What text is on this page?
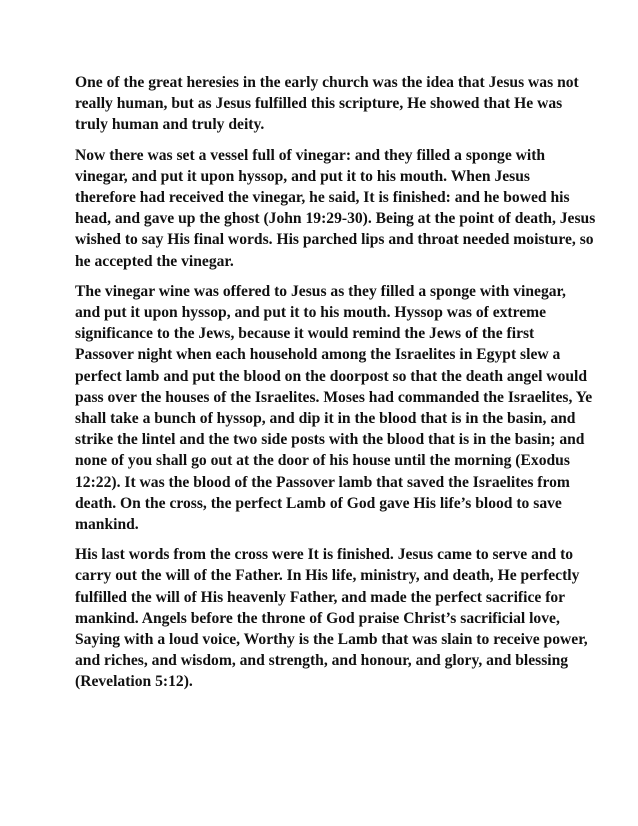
One of the great heresies in the early church was the idea that Jesus was not
really human, but as Jesus fulfilled this scripture, He showed that He was
truly human and truly deity.

Now there was set a vessel full of vinegar: and they filled a sponge with
vinegar, and put it upon hyssop, and put it to his mouth. When Jesus
therefore had received the vinegar, he said, It is finished: and he bowed his
head, and gave up the ghost (John 19:29-30). Being at the point of death, Jesus
wished to say His final words. His parched lips and throat needed moisture, so
he accepted the vinegar.

The vinegar wine was offered to Jesus as they filled a sponge with vinegar,
and put it upon hyssop, and put it to his mouth. Hyssop was of extreme
significance to the Jews, because it would remind the Jews of the first
Passover night when each household among the Israelites in Egypt slew a
perfect lamb and put the blood on the doorpost so that the death angel would
pass over the houses of the Israelites. Moses had commanded the Israelites, Ye
shall take a bunch of hyssop, and dip it in the blood that is in the basin, and
strike the lintel and the two side posts with the blood that is in the basin; and
none of you shall go out at the door of his house until the morning (Exodus
12:22). It was the blood of the Passover lamb that saved the Israelites from
death. On the cross, the perfect Lamb of God gave His life’s blood to save
mankind.

His last words from the cross were It is finished. Jesus came to serve and to
carry out the will of the Father. In His life, ministry, and death, He perfectly
fulfilled the will of His heavenly Father, and made the perfect sacrifice for
mankind. Angels before the throne of God praise Christ’s sacrificial love,
Saying with a loud voice, Worthy is the Lamb that was slain to receive power,
and riches, and wisdom, and strength, and honour, and glory, and blessing
(Revelation 5:12).
